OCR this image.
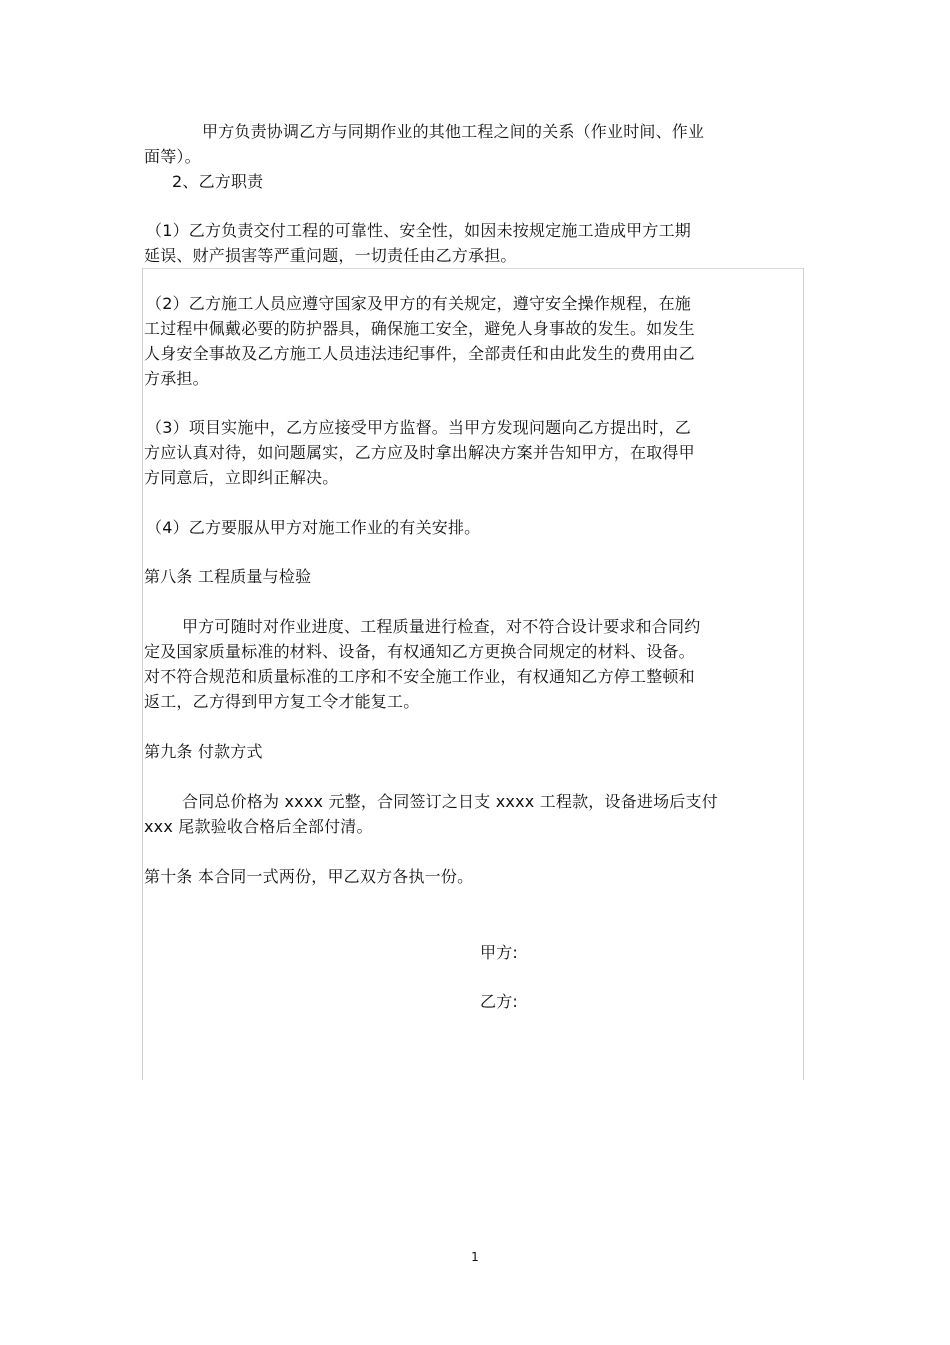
甲方负责协调乙方与同期作业的其他工程之间的关系（作业时间、作业
面等）。
2、乙方职责
（1）乙方负责交付工程的可靠性、安全性，如因未按规定施工造成甲方工期
延误、财产损害等严重问题，一切责任由乙方承担。
（2）乙方施工人员应遵守国家及甲方的有关规定，遵守安全操作规程，在施
工过程中佩戴必要的防护器具，确保施工安全，避免人身事故的发生。如发生
人身安全事故及乙方施工人员违法违纪事件，全部责任和由此发生的费用由乙
方承担。
（3）项目实施中，乙方应接受甲方监督。当甲方发现问题向乙方提出时，乙
方应认真对待，如问题属实，乙方应及时拿出解决方案并告知甲方，在取得甲
方同意后，立即纠正解决。
（4）乙方要服从甲方对施工作业的有关安排。
第八条 工程质量与检验
甲方可随时对作业进度、工程质量进行检查，对不符合设计要求和合同约
定及国家质量标准的材料、设备，有权通知乙方更换合同规定的材料、设备。
对不符合规范和质量标准的工序和不安全施工作业，有权通知乙方停工整顿和
返工，乙方得到甲方复工令才能复工。
第九条 付款方式
合同总价格为 xxxx 元整，合同签订之日支 xxxx 工程款，设备进场后支付
xxx 尾款验收合格后全部付清。
第十条 本合同一式两份，甲乙双方各执一份。
甲方:
乙方:
1
